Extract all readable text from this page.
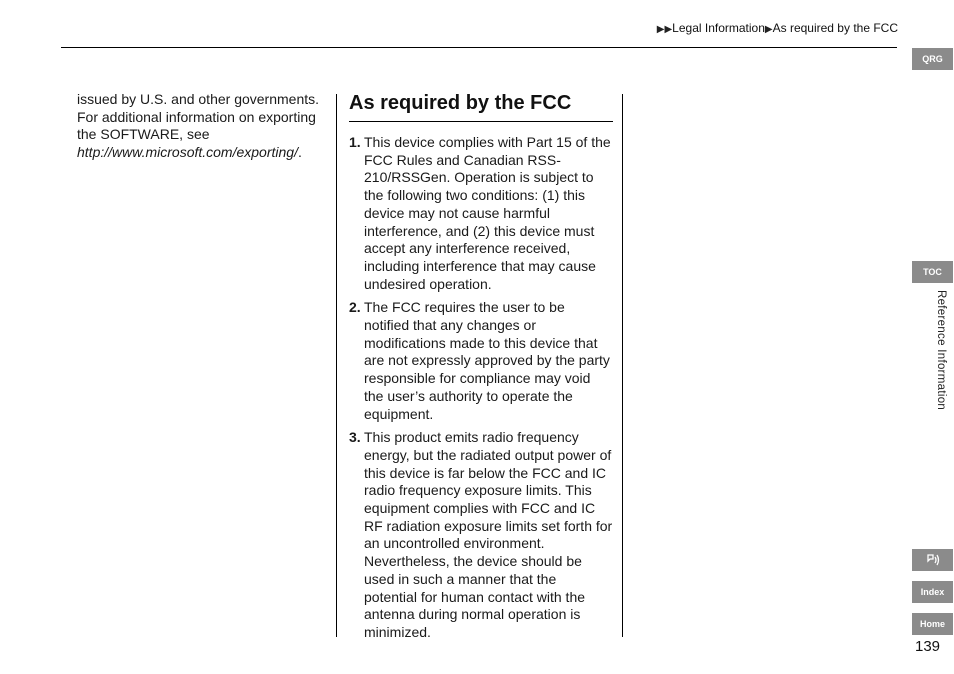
▶▶Legal Information▶As required by the FCC
QRG
TOC
Reference Information
Index
Home
issued by U.S. and other governments. For additional information on exporting the SOFTWARE, see http://www.microsoft.com/exporting/.
As required by the FCC
1. This device complies with Part 15 of the FCC Rules and Canadian RSS-210/RSSGen. Operation is subject to the following two conditions: (1) this device may not cause harmful interference, and (2) this device must accept any interference received, including interference that may cause undesired operation.
2. The FCC requires the user to be notified that any changes or modifications made to this device that are not expressly approved by the party responsible for compliance may void the user’s authority to operate the equipment.
3. This product emits radio frequency energy, but the radiated output power of this device is far below the FCC and IC radio frequency exposure limits. This equipment complies with FCC and IC RF radiation exposure limits set forth for an uncontrolled environment. Nevertheless, the device should be used in such a manner that the potential for human contact with the antenna during normal operation is minimized.
139
